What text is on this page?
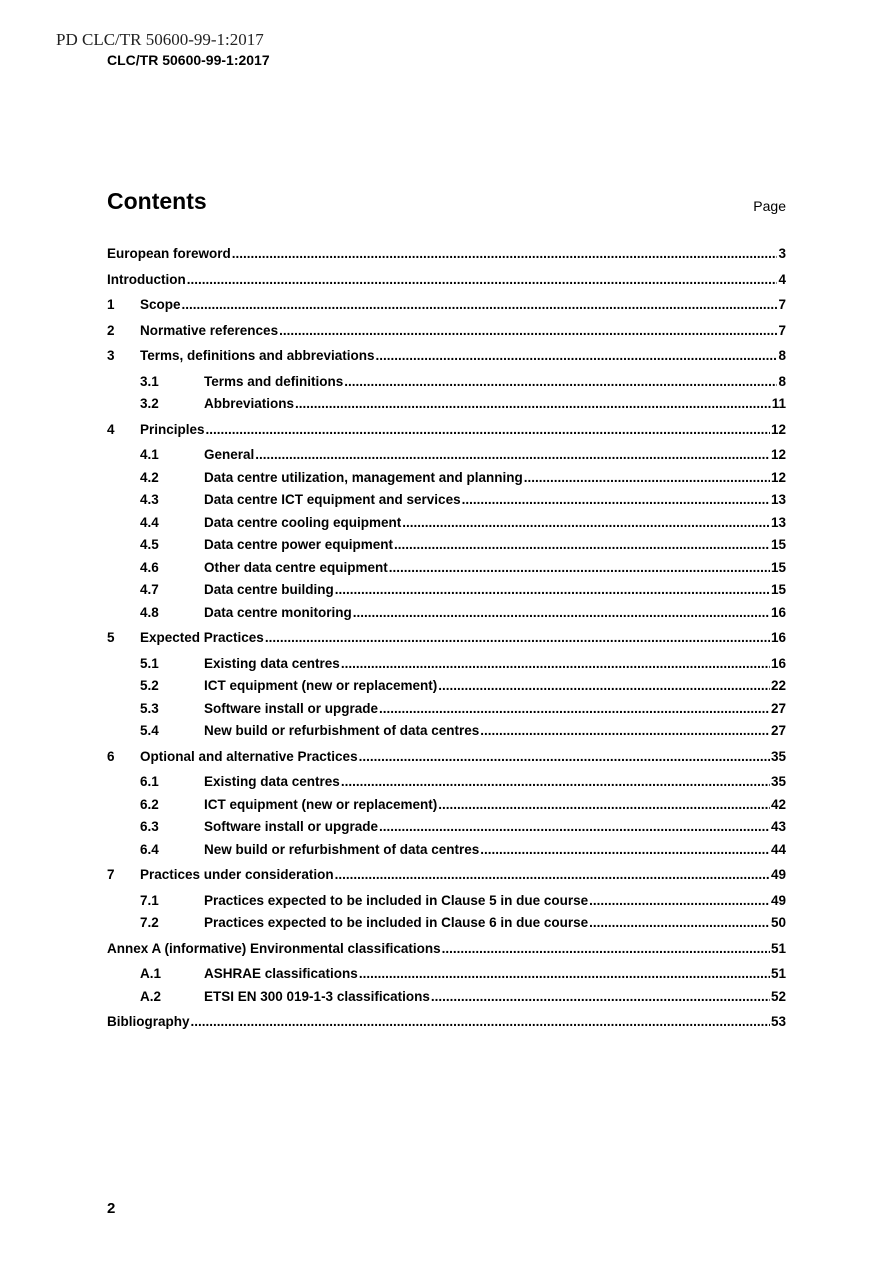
PD CLC/TR 50600-99-1:2017
CLC/TR 50600-99-1:2017
Contents	Page
European foreword .....	3
Introduction .....	4
1	Scope .....	7
2	Normative references .....	7
3	Terms, definitions and abbreviations .....	8
3.1	Terms and definitions .....	8
3.2	Abbreviations .....	11
4	Principles .....	12
4.1	General .....	12
4.2	Data centre utilization, management and planning .....	12
4.3	Data centre ICT equipment and services .....	13
4.4	Data centre cooling equipment .....	13
4.5	Data centre power equipment .....	15
4.6	Other data centre equipment .....	15
4.7	Data centre building .....	15
4.8	Data centre monitoring .....	16
5	Expected Practices .....	16
5.1	Existing data centres .....	16
5.2	ICT equipment (new or replacement) .....	22
5.3	Software install or upgrade .....	27
5.4	New build or refurbishment of data centres .....	27
6	Optional and alternative Practices .....	35
6.1	Existing data centres .....	35
6.2	ICT equipment (new or replacement) .....	42
6.3	Software install or upgrade .....	43
6.4	New build or refurbishment of data centres .....	44
7	Practices under consideration .....	49
7.1	Practices expected to be included in Clause 5 in due course .....	49
7.2	Practices expected to be included in Clause 6 in due course .....	50
Annex A (informative) Environmental classifications .....	51
A.1	ASHRAE classifications .....	51
A.2	ETSI EN 300 019-1-3 classifications .....	52
Bibliography .....	53
2
